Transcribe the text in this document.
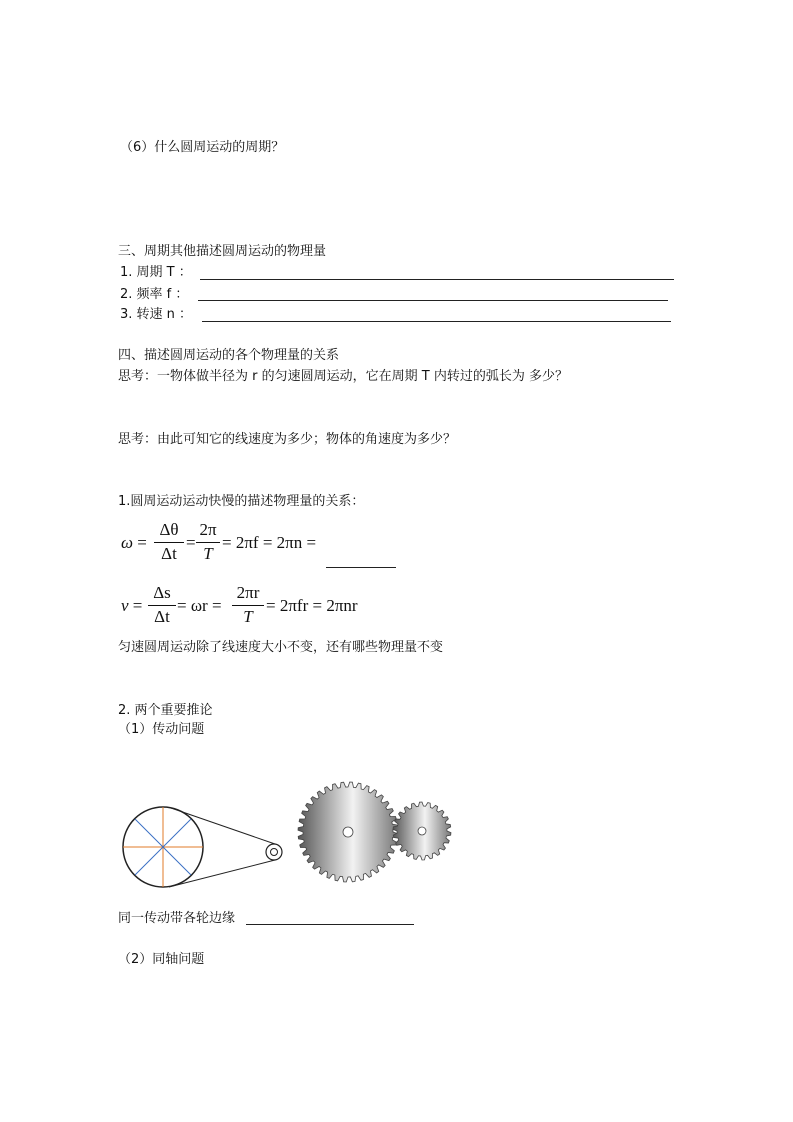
（6）什么圆周运动的周期？
三、周期其他描述圆周运动的物理量
1. 周期 T ：
2. 频率 f ：
3. 转速 n ：
四、描述圆周运动的各个物理量的关系
思考：一物体做半径为 r 的匀速圆周运动，它在周期 T 内转过的弧长为 多少？
思考：由此可知它的线速度为多少；物体的角速度为多少？
1.圆周运动运动快慢的描述物理量的关系：
ω =
Δθ
Δt
=
2π
T
= 2πf = 2πn =
v =
Δs
Δt
= ωr =
2πr
T
= 2πfr = 2πnr
匀速圆周运动除了线速度大小不变，还有哪些物理量不变
2. 两个重要推论
（1）传动问题
同一传动带各轮边缘
（2）同轴问题
